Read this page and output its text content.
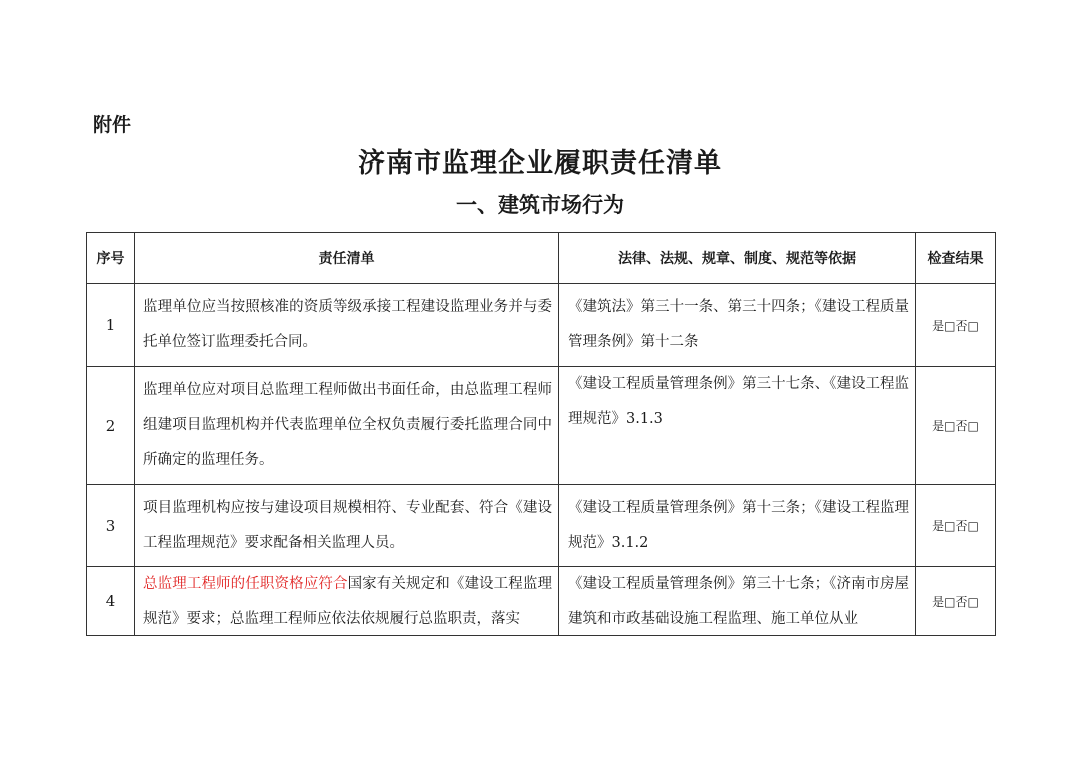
附件
济南市监理企业履职责任清单
一、建筑市场行为
序号	责任清单	法律、法规、规章、制度、规范等依据	检查结果
1	监理单位应当按照核准的资质等级承接工程建设监理业务并与委托单位签订监理委托合同。	《建筑法》第三十一条、第三十四条；《建设工程质量管理条例》第十二条	是□否□
2	监理单位应对项目总监理工程师做出书面任命，由总监理工程师组建项目监理机构并代表监理单位全权负责履行委托监理合同中所确定的监理任务。	《建设工程质量管理条例》第三十七条、《建设工程监理规范》3.1.3	是□否□
3	项目监理机构应按与建设项目规模相符、专业配套、符合《建设工程监理规范》要求配备相关监理人员。	《建设工程质量管理条例》第十三条；《建设工程监理规范》3.1.2	是□否□
4	总监理工程师的任职资格应符合国家有关规定和《建设工程监理规范》要求；总监理工程师应依法依规履行总监职责，落实	《建设工程质量管理条例》第三十七条；《济南市房屋建筑和市政基础设施工程监理、施工单位从业	是□否□
